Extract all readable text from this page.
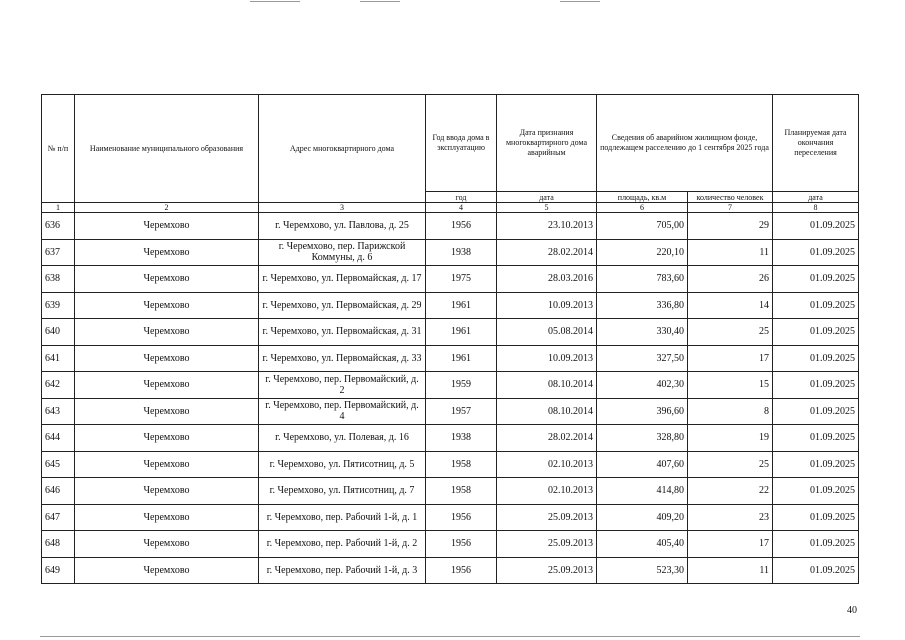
№ п/п	Наименование муниципального образования	Адрес многоквартирного дома	Год ввода дома в эксплуатацию	Дата признания многоквартирного дома аварийным	Сведения об аварийном жилищном фонде, подлежащем расселению до 1 сентября 2025 года		Планируемая дата окончания переселения
			год	дата	площадь, кв.м	количество человек	дата
1	2	3	4	5	6	7	8
636	Черемхово	г. Черемхово, ул. Павлова, д. 25	1956	23.10.2013	705,00	29	01.09.2025
637	Черемхово	г. Черемхово, пер. Парижской Коммуны, д. 6	1938	28.02.2014	220,10	11	01.09.2025
638	Черемхово	г. Черемхово, ул. Первомайская, д. 17	1975	28.03.2016	783,60	26	01.09.2025
639	Черемхово	г. Черемхово, ул. Первомайская, д. 29	1961	10.09.2013	336,80	14	01.09.2025
640	Черемхово	г. Черемхово, ул. Первомайская, д. 31	1961	05.08.2014	330,40	25	01.09.2025
641	Черемхово	г. Черемхово, ул. Первомайская, д. 33	1961	10.09.2013	327,50	17	01.09.2025
642	Черемхово	г. Черемхово, пер. Первомайский, д. 2	1959	08.10.2014	402,30	15	01.09.2025
643	Черемхово	г. Черемхово, пер. Первомайский, д. 4	1957	08.10.2014	396,60	8	01.09.2025
644	Черемхово	г. Черемхово, ул. Полевая, д. 16	1938	28.02.2014	328,80	19	01.09.2025
645	Черемхово	г. Черемхово, ул. Пятисотниц, д. 5	1958	02.10.2013	407,60	25	01.09.2025
646	Черемхово	г. Черемхово, ул. Пятисотниц, д. 7	1958	02.10.2013	414,80	22	01.09.2025
647	Черемхово	г. Черемхово, пер. Рабочий 1-й, д. 1	1956	25.09.2013	409,20	23	01.09.2025
648	Черемхово	г. Черемхово, пер. Рабочий 1-й, д. 2	1956	25.09.2013	405,40	17	01.09.2025
649	Черемхово	г. Черемхово, пер. Рабочий 1-й, д. 3	1956	25.09.2013	523,30	11	01.09.2025
40
